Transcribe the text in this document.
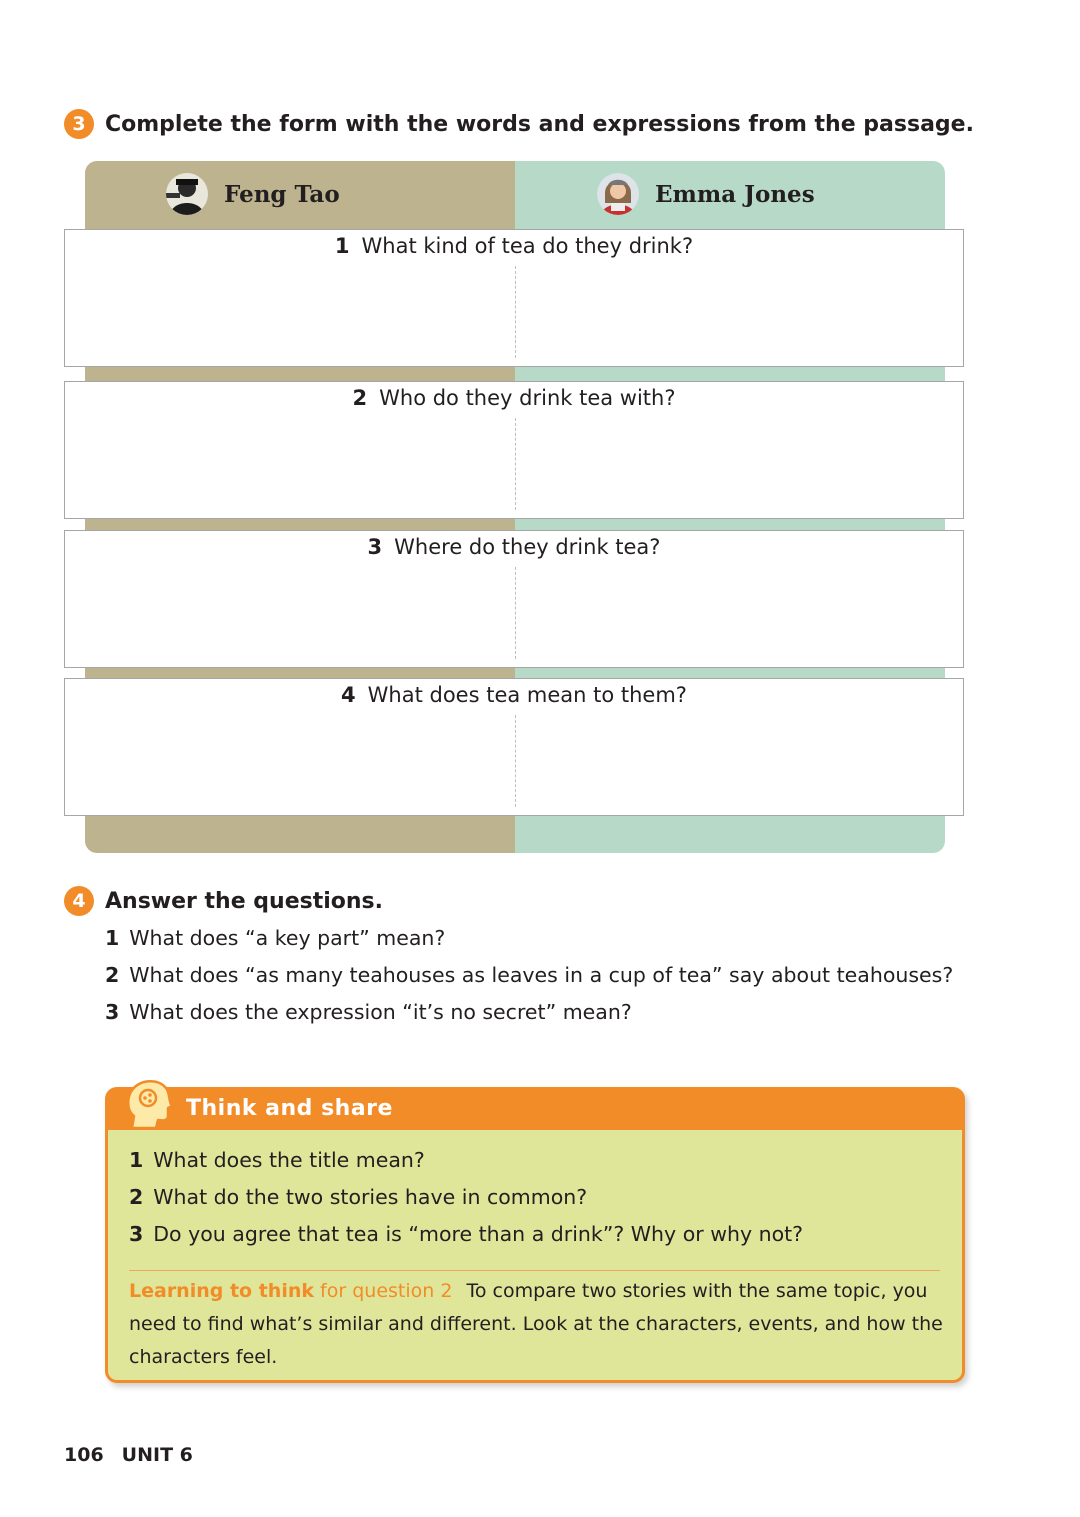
3 Complete the form with the words and expressions from the passage.
Feng Tao	Emma Jones
1 What kind of tea do they drink?
2 Who do they drink tea with?
3 Where do they drink tea?
4 What does tea mean to them?
4 Answer the questions.
1 What does “a key part” mean?
2 What does “as many teahouses as leaves in a cup of tea” say about teahouses?
3 What does the expression “it’s no secret” mean?
Think and share
1 What does the title mean?
2 What do the two stories have in common?
3 Do you agree that tea is “more than a drink”? Why or why not?
Learning to think for question 2 To compare two stories with the same topic, you need to find what’s similar and different. Look at the characters, events, and how the characters feel.
106 UNIT 6
